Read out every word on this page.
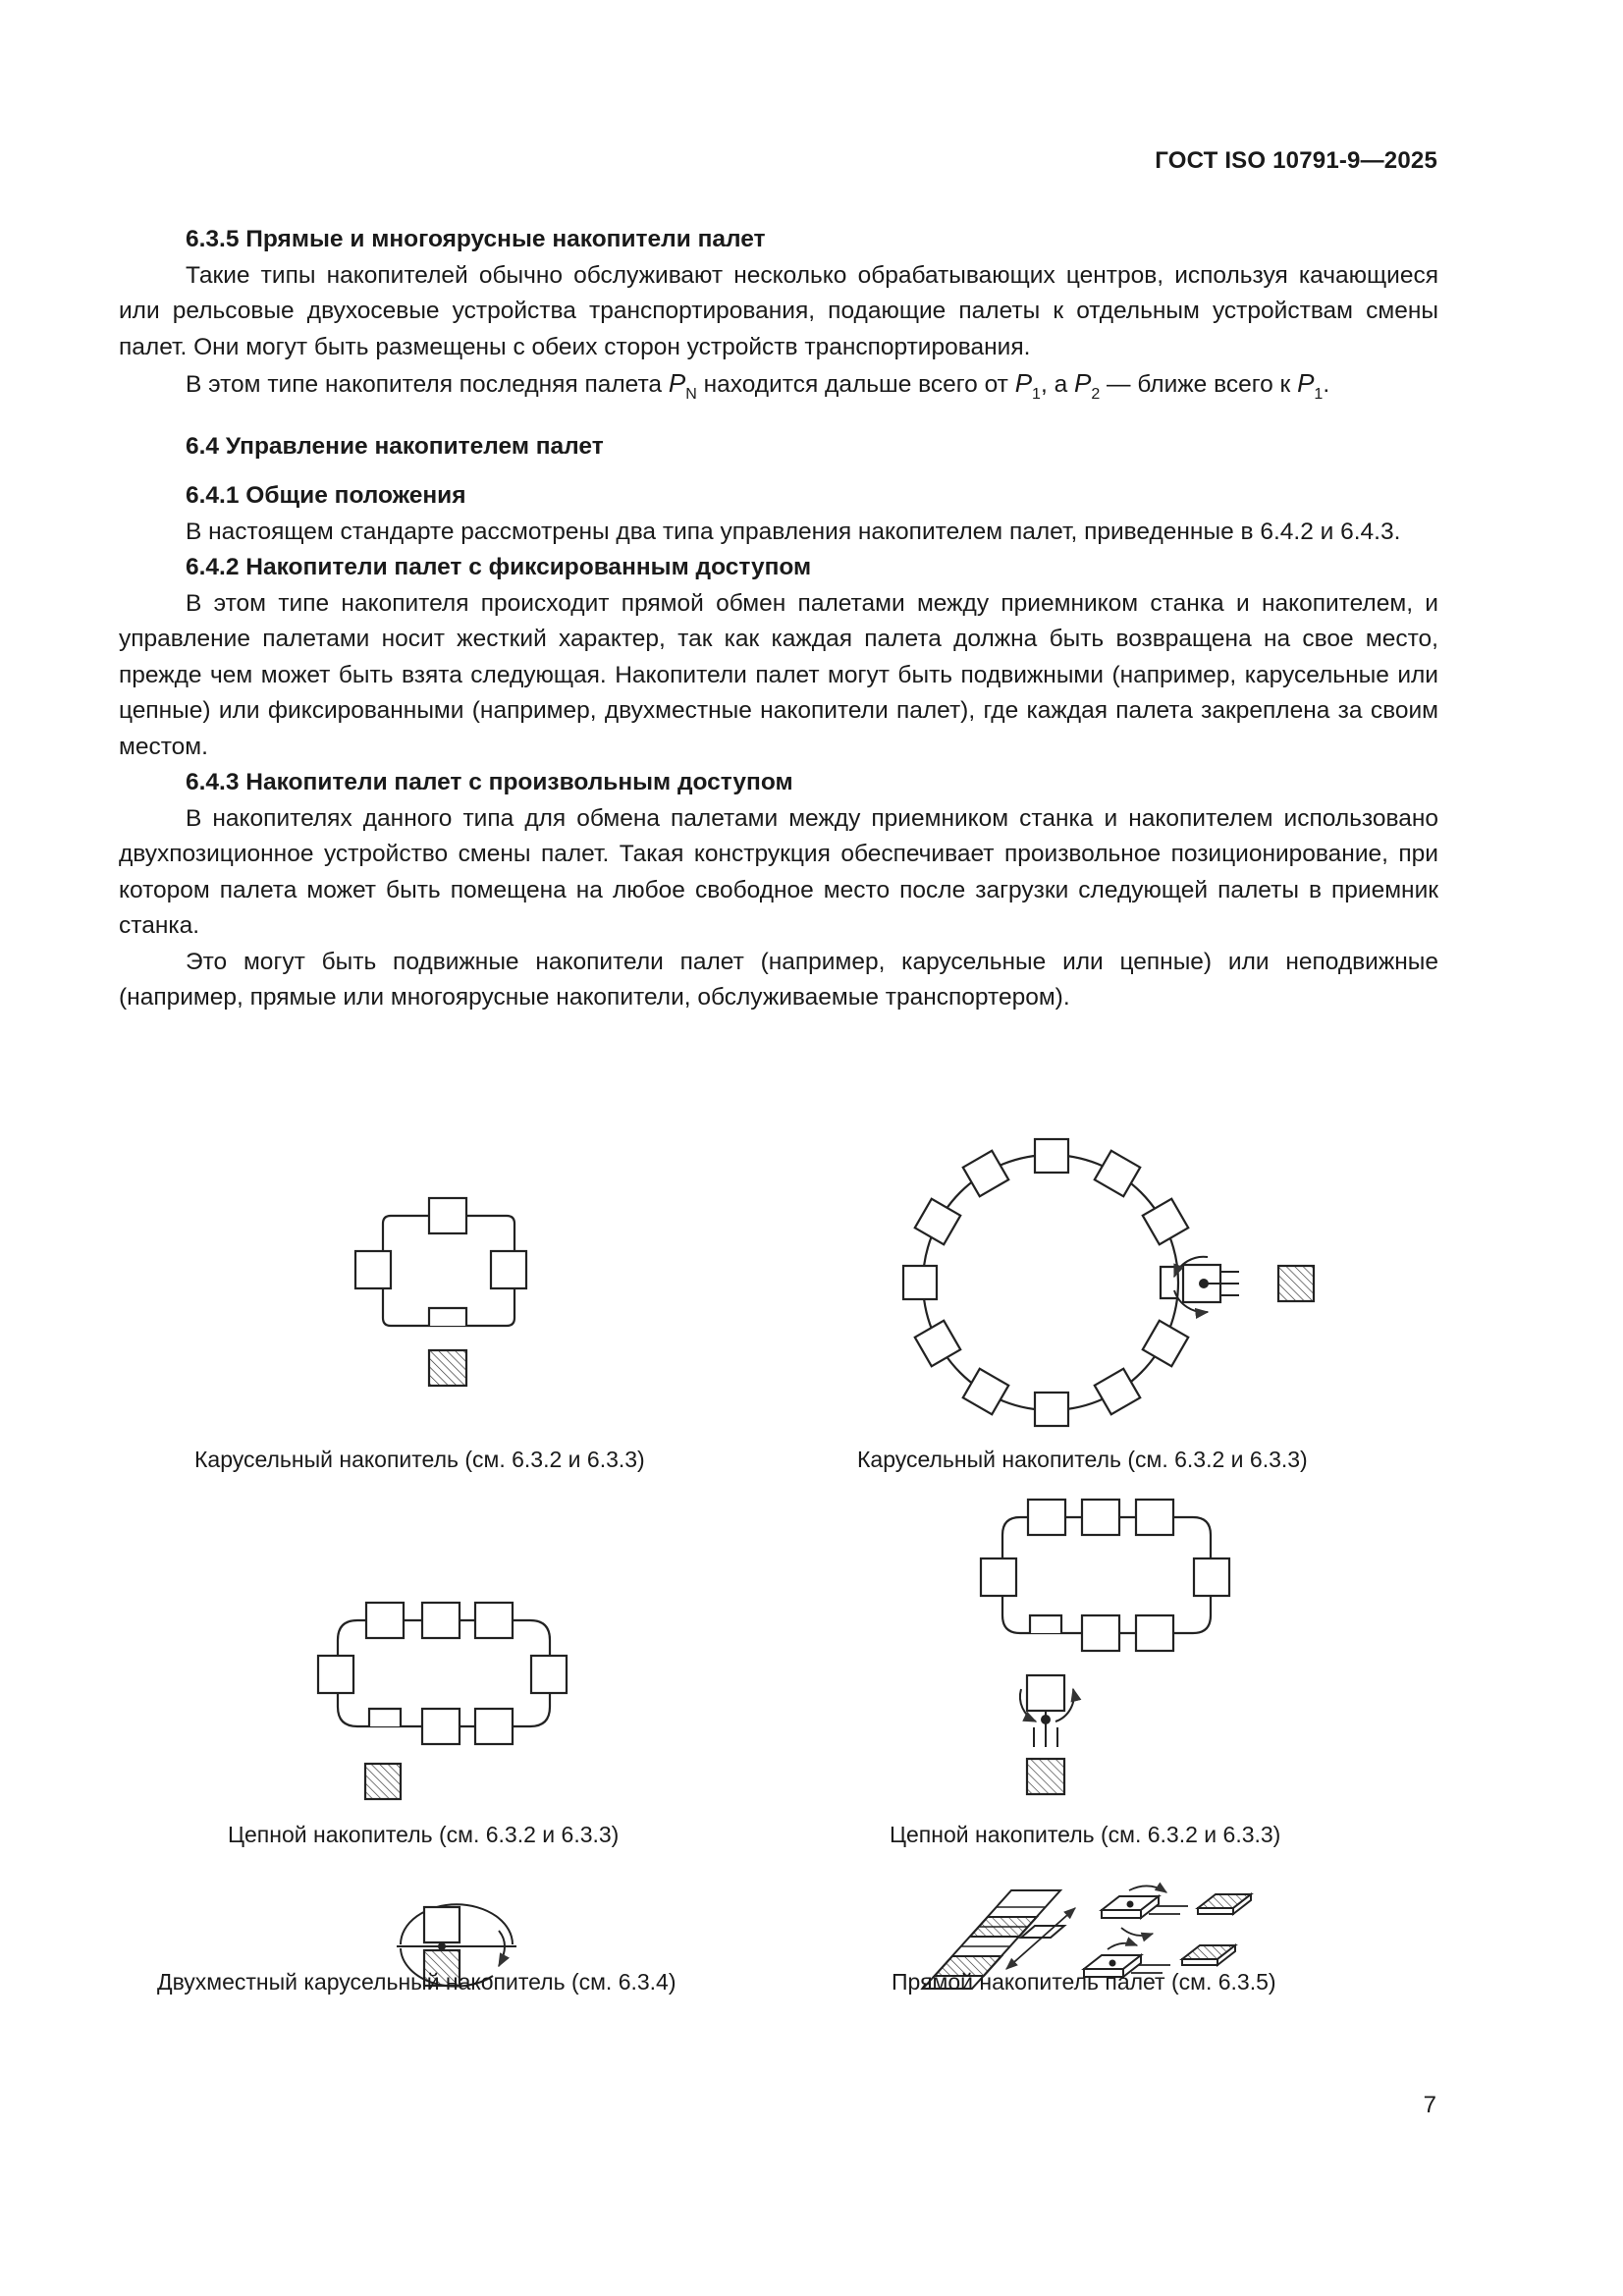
ГОСТ ISO 10791-9—2025
6.3.5 Прямые и многоярусные накопители палет

Такие типы накопителей обычно обслуживают несколько обрабатывающих центров, используя качающиеся или рельсовые двухосевые устройства транспортирования, подающие палеты к отдельным устройствам смены палет. Они могут быть размещены с обеих сторон устройств транспортирования.

В этом типе накопителя последняя палета $P_N$ находится дальше всего от $P_1$, а $P_2$ — ближе всего к $P_1$.

6.4 Управление накопителем палет
6.4.1 Общие положения

В настоящем стандарте рассмотрены два типа управления накопителем палет, приведенные в 6.4.2 и 6.4.3.

6.4.2 Накопители палет с фиксированным доступом

В этом типе накопителя происходит прямой обмен палетами между приемником станка и накопителем, и управление палетами носит жесткий характер, так как каждая палета должна быть возвращена на свое место, прежде чем может быть взята следующая. Накопители палет могут быть подвижными (например, карусельные или цепные) или фиксированными (например, двухместные накопители палет), где каждая палета закреплена за своим местом.

6.4.3 Накопители палет с произвольным доступом

В накопителях данного типа для обмена палетами между приемником станка и накопителем использовано двухпозиционное устройство смены палет. Такая конструкция обеспечивает произвольное позиционирование, при котором палета может быть помещена на любое свободное место после загрузки следующей палеты в приемник станка.

Это могут быть подвижные накопители палет (например, карусельные или цепные) или неподвижные (например, прямые или многоярусные накопители, обслуживаемые транспортером).

Карусельный накопитель (см. 6.3.2 и 6.3.3)	Карусельный накопитель (см. 6.3.2 и 6.3.3)
Цепной накопитель (см. 6.3.2 и 6.3.3)	Цепной накопитель (см. 6.3.2 и 6.3.3)
Двухместный карусельный накопитель (см. 6.3.4)	Прямой накопитель палет (см. 6.3.5)
7
